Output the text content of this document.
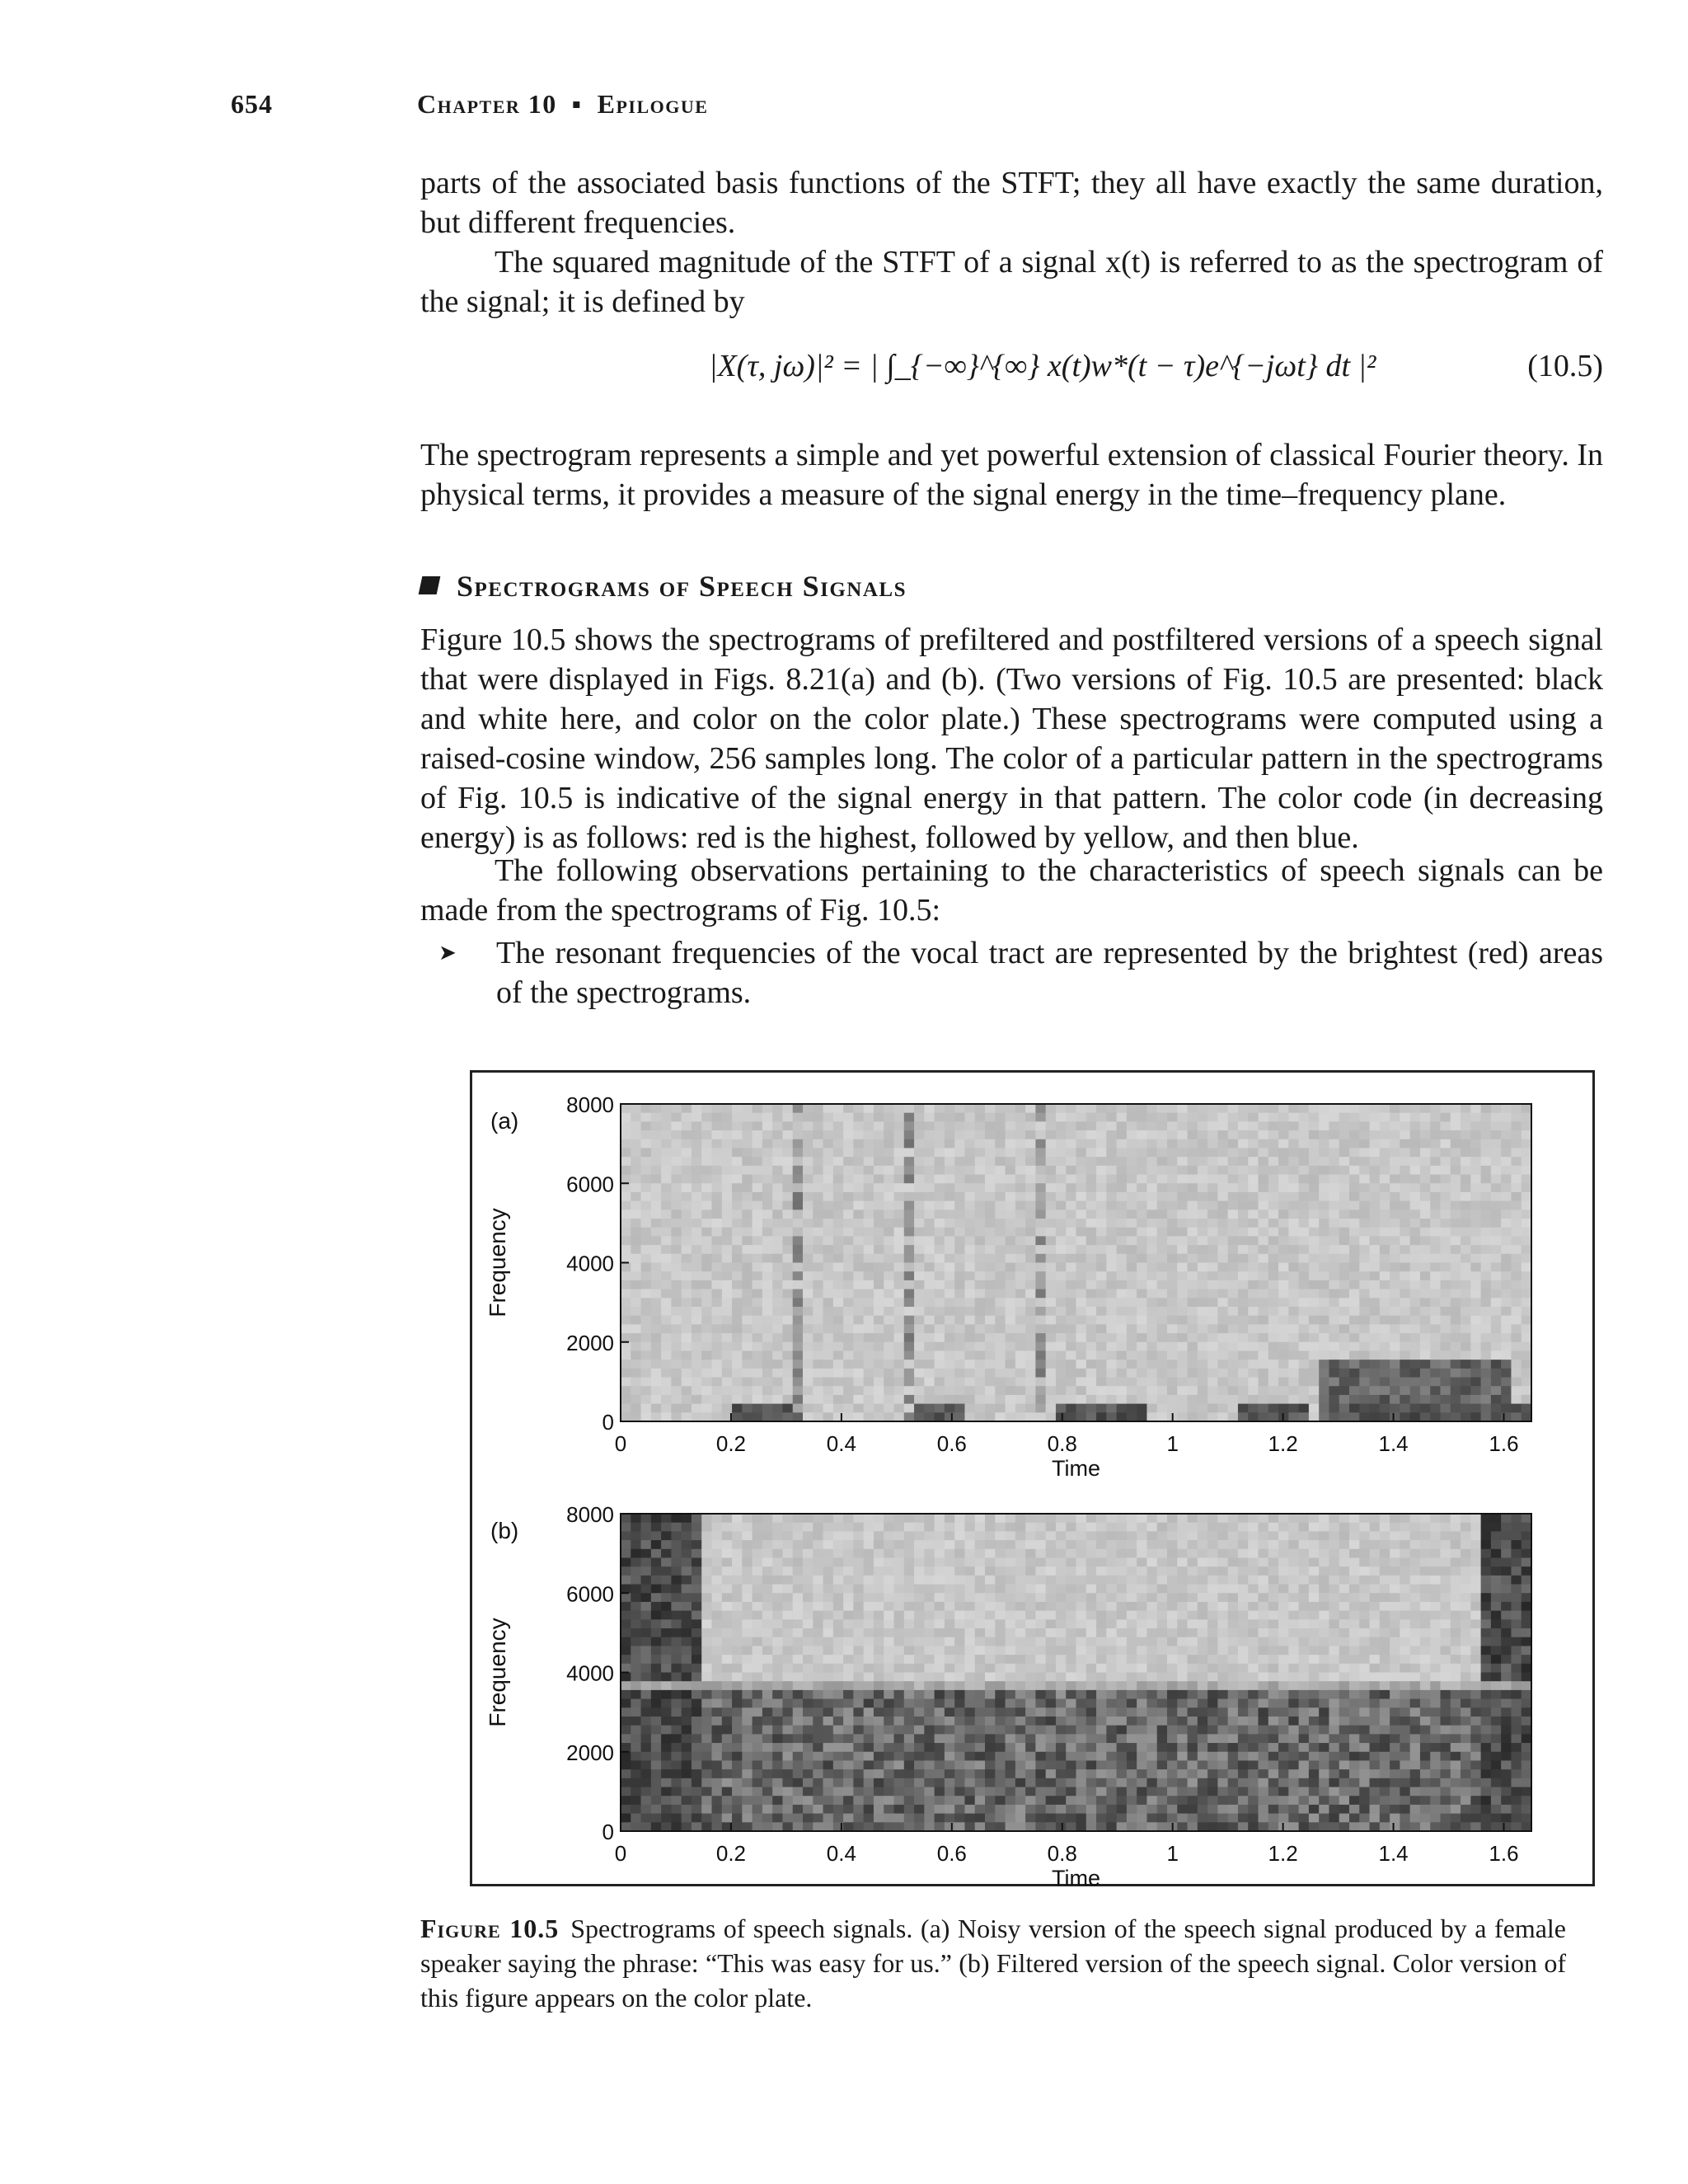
654	Chapter 10 ▪ Epilogue
parts of the associated basis functions of the STFT; they all have exactly the same duration, but different frequencies.
The squared magnitude of the STFT of a signal x(t) is referred to as the spectrogram of the signal; it is defined by
|X(τ, jω)|² = | ∫_{−∞}^{∞} x(t)w*(t − τ)e^{−jωt} dt |²	(10.5)
The spectrogram represents a simple and yet powerful extension of classical Fourier theory. In physical terms, it provides a measure of the signal energy in the time–frequency plane.
Spectrograms of Speech Signals
Figure 10.5 shows the spectrograms of prefiltered and postfiltered versions of a speech signal that were displayed in Figs. 8.21(a) and (b). (Two versions of Fig. 10.5 are presented: black and white here, and color on the color plate.) These spectrograms were computed using a raised-cosine window, 256 samples long. The color of a particular pattern in the spectrograms of Fig. 10.5 is indicative of the signal energy in that pattern. The color code (in decreasing energy) is as follows: red is the highest, followed by yellow, and then blue.
The following observations pertaining to the characteristics of speech signals can be made from the spectrograms of Fig. 10.5:
➤ The resonant frequencies of the vocal tract are represented by the brightest (red) areas of the spectrograms.
(a)
0
2000
4000
6000
8000
0	0.2	0.4	0.6	0.8	1	1.2	1.4	1.6
Time
Frequency
(b)
0
2000
4000
6000
8000
0	0.2	0.4	0.6	0.8	1	1.2	1.4	1.6
Time
Frequency
Figure 10.5 Spectrograms of speech signals. (a) Noisy version of the speech signal produced by a female speaker saying the phrase: “This was easy for us.” (b) Filtered version of the speech signal. Color version of this figure appears on the color plate.
